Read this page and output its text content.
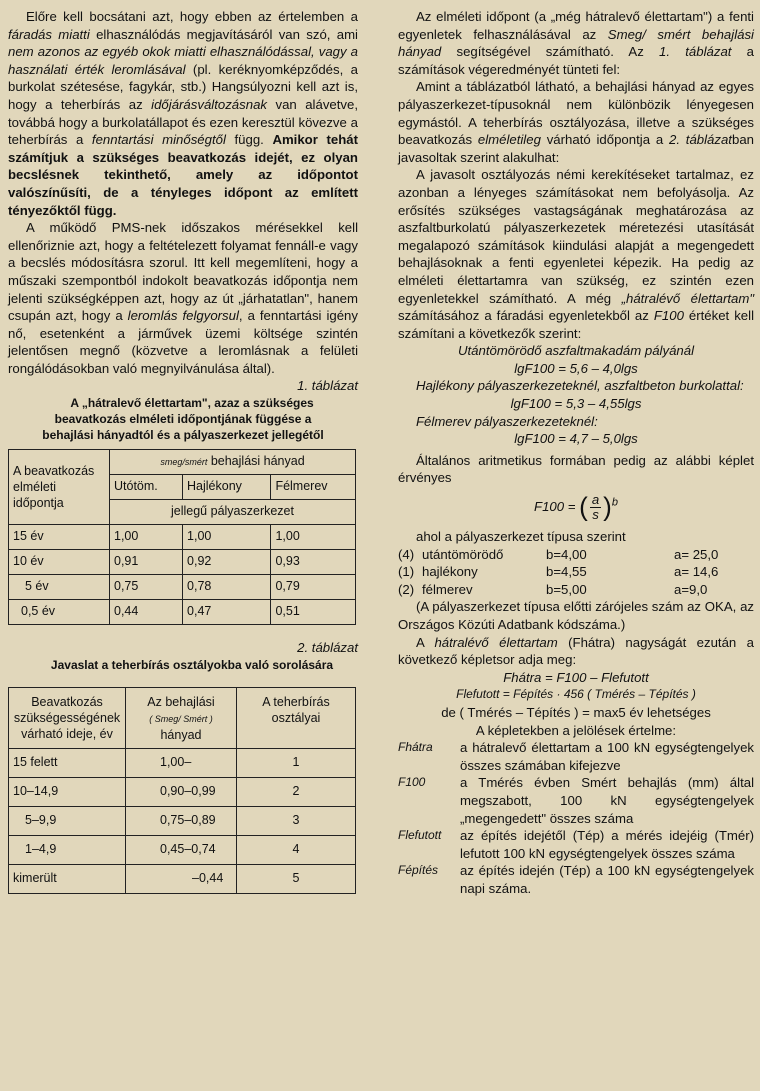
Előre kell bocsátani azt, hogy ebben az értelemben a fáradás miatti elhasználódás megjavításáról van szó, ami nem azonos az egyéb okok miatti elhasználódással, vagy a használati érték leromlásával (pl. keréknyomképződés, a burkolat szétesése, fagykár, stb.) Hangsúlyozni kell azt is, hogy a teherbírás az időjárásváltozásnak van alávetve, továbbá hogy a burkolatállapot és ezen keresztül kövezve a teherbírás a fenntartási minőségtől függ. Amikor tehát számítjuk a szükséges beavatkozás idejét, ez olyan becslésnek tekinthető, amely az időpontot valószínűsíti, de a tényleges időpont az említett tényezőktől függ.

A működő PMS-nek időszakos mérésekkel kell ellenőriznie azt, hogy a feltételezett folyamat fennáll-e vagy a becslés módosításra szorul. Itt kell megemlíteni, hogy a műszaki szempontból indokolt beavatkozás időpontja nem jelenti szükségképpen azt, hogy az út „járhatatlan", hanem csupán azt, hogy a leromlás felgyorsul, a fenntartási igény nő, esetenként a járművek üzemi költsége szintén jelentősen megnő (közvetve a leromlásnak a felületi rongálódásokban való megnyilvánulása által).

1. táblázat

A „hátralevő élettartam", azaz a szükséges beavatkozás elméleti időpontjának függése a behajlási hányadtól és a pályaszerkezet jellegétől

A beavatkozás elméleti időpontja	smeg/smért behajlási hányad		
	Utótöm.	Hajlékony	Félmerev
	jellegű pályaszerkezet		
15 év	1,00	1,00	1,00
10 év	0,91	0,92	0,93
5 év	0,75	0,78	0,79
0,5 év	0,44	0,47	0,51

2. táblázat

Javaslat a teherbírás osztályokba való sorolására

Beavatkozás szükségességének várható ideje, év	Az behajlási
( Smeg/ Smért )
hányad	A teherbírás osztályai
15 felett	1,00–	1
10–14,9	0,90–0,99	2
5–9,9	0,75–0,89	3
1–4,9	0,45–0,74	4
kimerült	–0,44	5

Az elméleti időpont (a „még hátralevő élettartam") a fenti egyenletek felhasználásával az Smeg/ smért behajlási hányad segítségével számítható. Az 1. táblázat a számítások végeredményét tünteti fel:

Amint a táblázatból látható, a behajlási hányad az egyes pályaszerkezet-típusoknál nem különbözik lényegesen egymástól. A teherbírás osztályozása, illetve a szükséges beavatkozás elméletileg várható időpontja a 2. táblázatban javasoltak szerint alakulhat:

A javasolt osztályozás némi kerekítéseket tartalmaz, ez azonban a lényeges számításokat nem befolyásolja. Az erősítés szükséges vastagságának meghatározása az aszfaltburkolatú pályaszerkezetek méretezési utasítását megalapozó számítások kiindulási alapját a megengedett behajlásoknak a fenti egyenletei képezik. Ha pedig az elméleti élettartamra van szükség, ez szintén ezen egyenletekkel számítható. A még „hátralévő élettartam" számításához a fáradási egyenletekből az F100 értéket kell számítani a következők szerint:

Utántömörödő aszfaltmakadám pályánál

lgF100 = 5,6 – 4,0lgs

Hajlékony pályaszerkezeteknél, aszfaltbeton burkolattal:

lgF100 = 5,3 – 4,55lgs

Félmerev pályaszerkezeteknél:

lgF100 = 4,7 – 5,0lgs

Általános aritmetikus formában pedig az alábbi képlet érvényes

F100 = ( $\frac{a}{s} )^b$

ahol a pályaszerkezet típusa szerint

(4) utántömörödő	b=4,00	a= 25,0
(1) hajlékony	b=4,55	a= 14,6
(2) félmerev	b=5,00	a=9,0

(A pályaszerkezet típusa előtti zárójeles szám az OKA, az Országos Közúti Adatbank kódszáma.)

A hátralévő élettartam (Fhátra) nagyságát ezután a következő képletsor adja meg:

Fhátra = F100 – Flefutott

Flefutott = Fépítés · 456 ( Tmérés – Tépítés )

de ( Tmérés – Tépítés ) = max5 év lehetséges

A képletekben a jelölések értelme:

Fhátra	a hátralevő élettartam a 100 kN egységtengelyek összes számában kifejezve
F100	a Tmérés évben Smért behajlás (mm) által megszabott, 100 kN egységtengelyek „megengedett" összes száma
Flefutott	az építés idejétől (Tép) a mérés idejéig (Tmér) lefutott 100 kN egységtengelyek összes száma
Fépítés	az építés idején (Tép) a 100 kN egységtengelyek napi száma.
